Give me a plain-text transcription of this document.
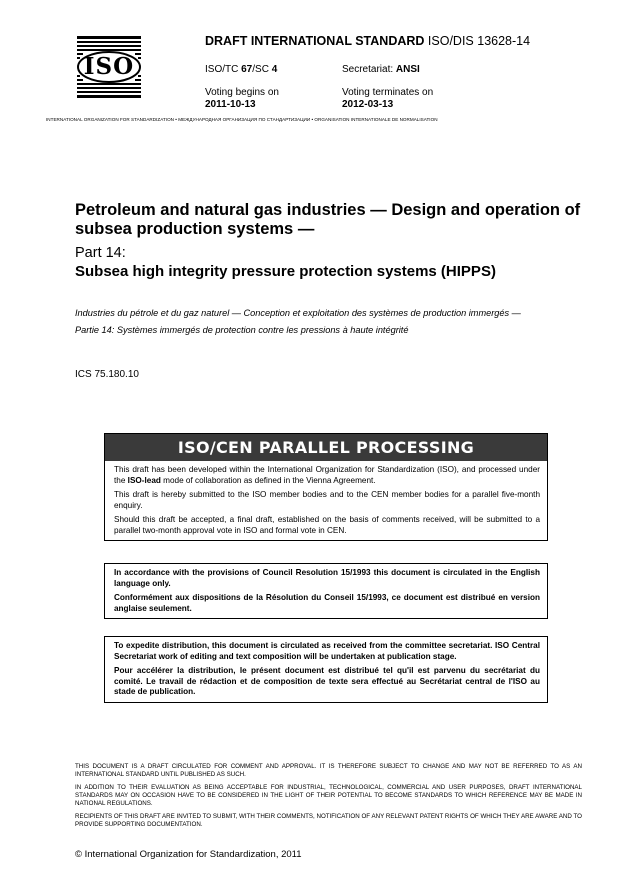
ISO
DRAFT INTERNATIONAL STANDARD ISO/DIS 13628-14
ISO/TC 67/SC 4	Secretariat: ANSI
Voting begins on
2011-10-13
Voting terminates on
2012-03-13
INTERNATIONAL ORGANIZATION FOR STANDARDIZATION • МЕЖДУНАРОДНАЯ ОРГАНИЗАЦИЯ ПО СТАНДАРТИЗАЦИИ • ORGANISATION INTERNATIONALE DE NORMALISATION
Petroleum and natural gas industries — Design and operation of subsea production systems —
Part 14:
Subsea high integrity pressure protection systems (HIPPS)
Industries du pétrole et du gaz naturel — Conception et exploitation des systèmes de production immergés —
Partie 14: Systèmes immergés de protection contre les pressions à haute intégrité
ICS 75.180.10
ISO/CEN PARALLEL PROCESSING

This draft has been developed within the International Organization for Standardization (ISO), and processed under the ISO-lead mode of collaboration as defined in the Vienna Agreement.

This draft is hereby submitted to the ISO member bodies and to the CEN member bodies for a parallel five-month enquiry.

Should this draft be accepted, a final draft, established on the basis of comments received, will be submitted to a parallel two-month approval vote in ISO and formal vote in CEN.

In accordance with the provisions of Council Resolution 15/1993 this document is circulated in the English language only.

Conformément aux dispositions de la Résolution du Conseil 15/1993, ce document est distribué en version anglaise seulement.

To expedite distribution, this document is circulated as received from the committee secretariat. ISO Central Secretariat work of editing and text composition will be undertaken at publication stage.

Pour accélérer la distribution, le présent document est distribué tel qu'il est parvenu du secrétariat du comité. Le travail de rédaction et de composition de texte sera effectué au Secrétariat central de l'ISO au stade de publication.

THIS DOCUMENT IS A DRAFT CIRCULATED FOR COMMENT AND APPROVAL. IT IS THEREFORE SUBJECT TO CHANGE AND MAY NOT BE REFERRED TO AS AN INTERNATIONAL STANDARD UNTIL PUBLISHED AS SUCH.

IN ADDITION TO THEIR EVALUATION AS BEING ACCEPTABLE FOR INDUSTRIAL, TECHNOLOGICAL, COMMERCIAL AND USER PURPOSES, DRAFT INTERNATIONAL STANDARDS MAY ON OCCASION HAVE TO BE CONSIDERED IN THE LIGHT OF THEIR POTENTIAL TO BECOME STANDARDS TO WHICH REFERENCE MAY BE MADE IN NATIONAL REGULATIONS.

RECIPIENTS OF THIS DRAFT ARE INVITED TO SUBMIT, WITH THEIR COMMENTS, NOTIFICATION OF ANY RELEVANT PATENT RIGHTS OF WHICH THEY ARE AWARE AND TO PROVIDE SUPPORTING DOCUMENTATION.

© International Organization for Standardization, 2011
